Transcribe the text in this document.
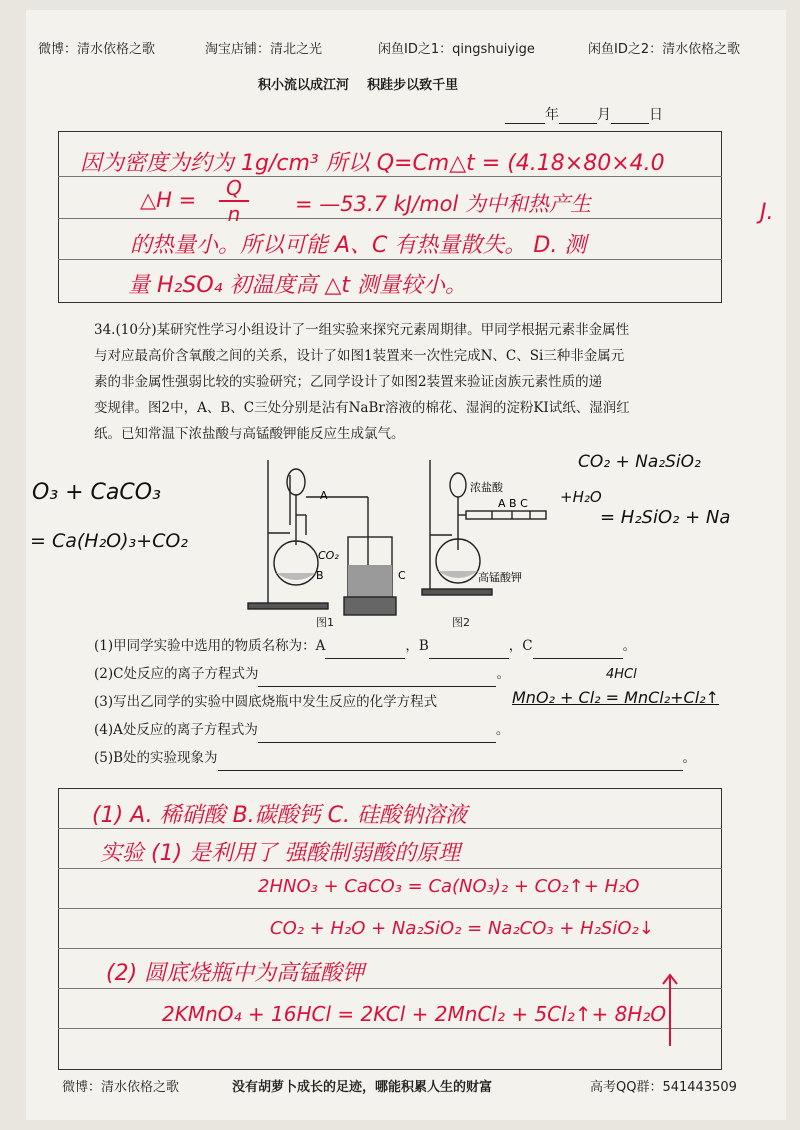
微博：清水依格之歌	淘宝店铺：清北之光	闲鱼ID之1：qingshuiyige	闲鱼ID之2：清水依格之歌
积小流以成江河    积跬步以致千里
年	月	日
因为密度为约为 1g/cm³ 所以 Q=Cm△t = (4.18×80×4.0
J.
△H = Q
n	= —53.7 kJ/mol 为中和热产生
的热量小。所以可能 A、C 有热量散失。 D. 测
量 H₂SO₄ 初温度高 △t 测量较小。
34.(10分)某研究性学习小组设计了一组实验来探究元素周期律。甲同学根据元素非金属性
与对应最高价含氧酸之间的关系，设计了如图1装置来一次性完成N、C、Si三种非金属元
素的非金属性强弱比较的实验研究；乙同学设计了如图2装置来验证卤族元素性质的递
变规律。图2中，A、B、C三处分别是沾有NaBr溶液的棉花、湿润的淀粉KI试纸、湿润红
纸。已知常温下浓盐酸与高锰酸钾能反应生成氯气。
O₃ + CaCO₃
= Ca(H₂O)₃+CO₂
CO₂ + Na₂SiO₂
+H₂O
= H₂SiO₂ + Na
A
B	C
CO₂
图1
浓盐酸
A B C
高锰酸钾
图2
(1)甲同学实验中选用的物质名称为：A	，B	，C	。
(2)C处反应的离子方程式为	。	4HCl
(3)写出乙同学的实验中圆底烧瓶中发生反应的化学方程式	MnO₂ + Cl₂ = MnCl₂+Cl₂↑
(4)A处反应的离子方程式为	。
(5)B处的实验现象为	。
(1) A. 稀硝酸 B.碳酸钙 C. 硅酸钠溶液
实验 (1) 是利用了 强酸制弱酸的原理
2HNO₃ + CaCO₃ = Ca(NO₃)₂ + CO₂↑+ H₂O
CO₂ + H₂O + Na₂SiO₂ = Na₂CO₃ + H₂SiO₂↓
(2) 圆底烧瓶中为高锰酸钾
2KMnO₄ + 16HCl = 2KCl + 2MnCl₂ + 5Cl₂↑+ 8H₂O
微博：清水依格之歌	没有胡萝卜成长的足迹，哪能积累人生的财富	高考QQ群：541443509
